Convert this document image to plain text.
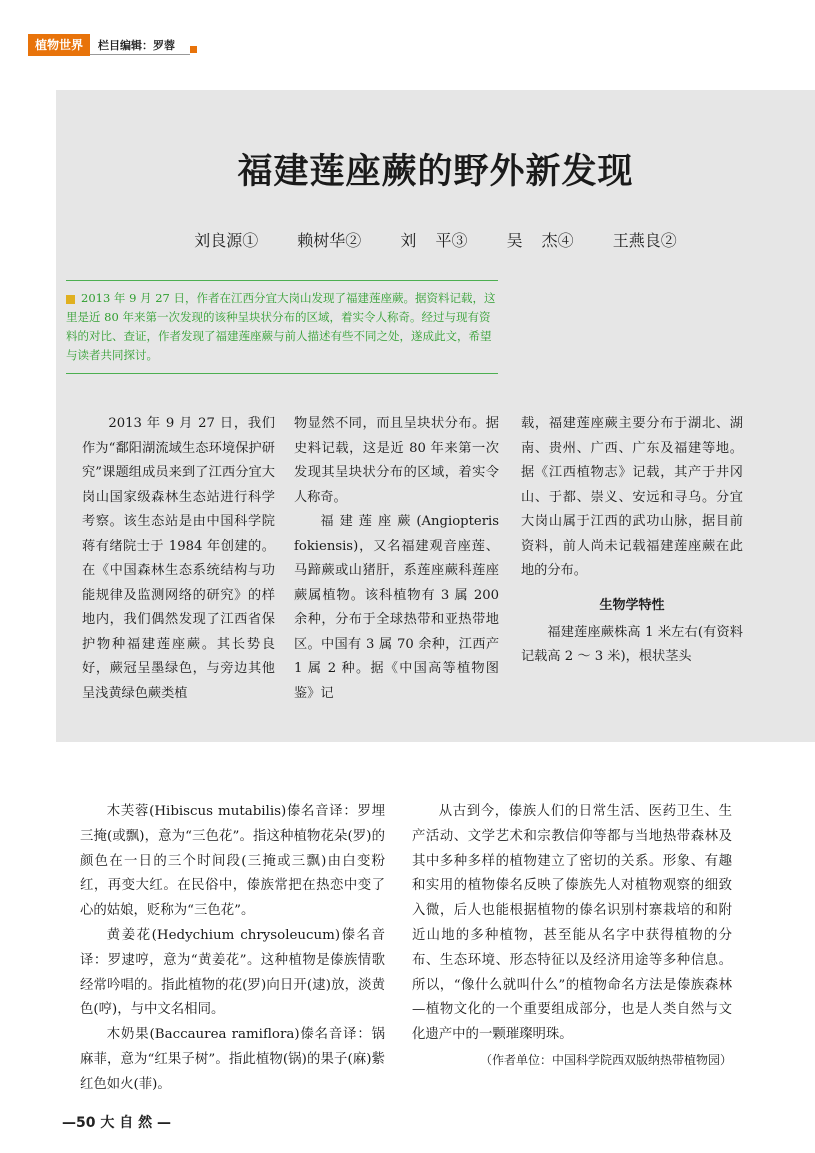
植物世界	栏目编辑：罗蓉
福建莲座蕨的野外新发现
刘良源① 赖树华② 刘 平③ 吴 杰④ 王燕良②
2013 年 9 月 27 日，作者在江西分宜大岗山发现了福建莲座蕨。据资料记载，这里是近 80 年来第一次发现的该种呈块状分布的区域，着实令人称奇。经过与现有资料的对比、查证，作者发现了福建莲座蕨与前人描述有些不同之处，遂成此文，希望与读者共同探讨。

2013 年 9 月 27 日，我们作为“鄱阳湖流域生态环境保护研究”课题组成员来到了江西分宜大岗山国家级森林生态站进行科学考察。该生态站是由中国科学院蒋有绪院士于 1984 年创建的。在《中国森林生态系统结构与功能规律及监测网络的研究》的样地内，我们偶然发现了江西省保护物种福建莲座蕨。其长势良好，蕨冠呈墨绿色，与旁边其他呈浅黄绿色蕨类植

物显然不同，而且呈块状分布。据史料记载，这是近 80 年来第一次发现其呈块状分布的区域，着实令人称奇。

福建莲座蕨(Angiopteris fokiensis)，又名福建观音座莲、马蹄蕨或山猪肝，系莲座蕨科莲座蕨属植物。该科植物有 3 属 200 余种，分布于全球热带和亚热带地区。中国有 3 属 70 余种，江西产 1 属 2 种。据《中国高等植物图鉴》记

载，福建莲座蕨主要分布于湖北、湖南、贵州、广西、广东及福建等地。据《江西植物志》记载，其产于井冈山、于都、崇义、安远和寻乌。分宜大岗山属于江西的武功山脉，据目前资料，前人尚未记载福建莲座蕨在此地的分布。

生物学特性

福建莲座蕨株高 1 米左右(有资料记载高 2 ～ 3 米)，根状茎头

木芙蓉(Hibiscus mutabilis)傣名音译：罗埋三掩(或飘)，意为“三色花”。指这种植物花朵(罗)的颜色在一日的三个时间段(三掩或三飘)由白变粉红，再变大红。在民俗中，傣族常把在热恋中变了心的姑娘，贬称为“三色花”。

黄姜花(Hedychium chrysoleucum)傣名音译：罗逮哼，意为“黄姜花”。这种植物是傣族情歌经常吟唱的。指此植物的花(罗)向日开(逮)放，淡黄色(哼)，与中文名相同。

木奶果(Baccaurea ramiflora)傣名音译：锅麻菲，意为“红果子树”。指此植物(锅)的果子(麻)紫红色如火(菲)。

从古到今，傣族人们的日常生活、医药卫生、生产活动、文学艺术和宗教信仰等都与当地热带森林及其中多种多样的植物建立了密切的关系。形象、有趣和实用的植物傣名反映了傣族先人对植物观察的细致入微，后人也能根据植物的傣名识别村寨栽培的和附近山地的多种植物，甚至能从名字中获得植物的分布、生态环境、形态特征以及经济用途等多种信息。所以，“像什么就叫什么”的植物命名方法是傣族森林—植物文化的一个重要组成部分，也是人类自然与文化遗产中的一颗璀璨明珠。

（作者单位：中国科学院西双版纳热带植物园）

—50 大 自 然 —
